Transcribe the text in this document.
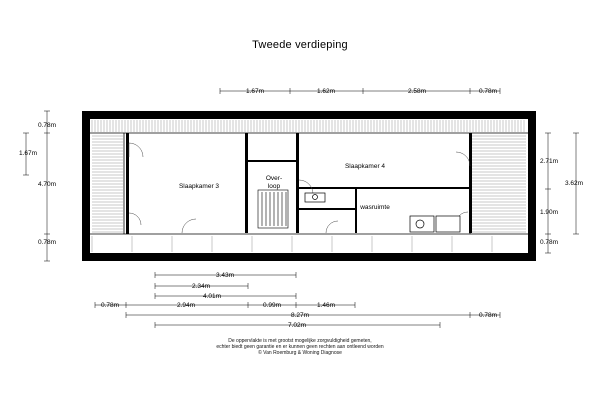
Tweede verdieping
Slaapkamer 3
Slaapkamer 4
Over-
loop
wasruimte
1.67m	1.62m	2.58m	0.78m
0.78m
1.67m
4.70m
0.78m
2.71m
3.62m
1.90m
0.78m
3.43m
2.34m
4.01m
0.78m	2.94m	0.99m	1.46m
8.27m	0.78m
7.02m
De oppervlakte is met grootst mogelijke zorgvuldigheid gemeten,
echter biedt geen garantie en er kunnen geen rechten aan ontleend worden
© Van Roemburg & Woning Diagnose
